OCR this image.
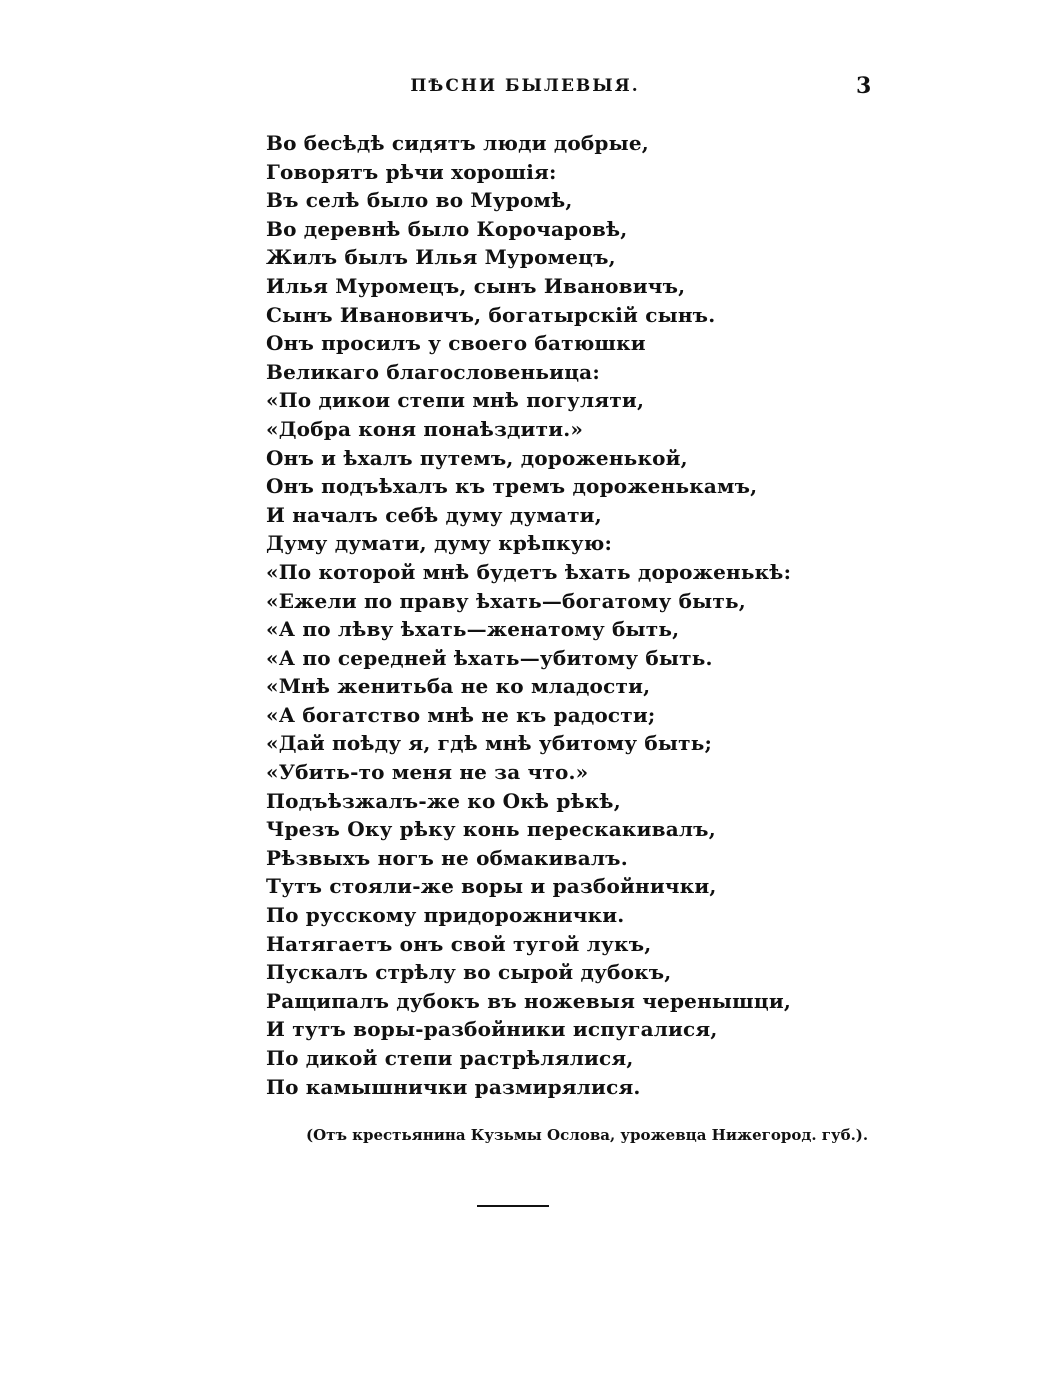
ПѢСНИ БЫЛЕВЫЯ.	3
Во бесѣдѣ сидятъ люди добрые,
Говорятъ рѣчи хорошія:
Въ селѣ было во Муромѣ,
Во деревнѣ было Корочаровѣ,
Жилъ былъ Илья Муромецъ,
Илья Муромецъ, сынъ Ивановичъ,
Сынъ Ивановичъ, богатырскій сынъ.
Онъ просилъ у своего батюшки
Великаго благословеньица:
«По дикои степи мнѣ погуляти,
«Добра коня понаѣздити.»
Онъ и ѣхалъ путемъ, дороженькой,
Онъ подъѣхалъ къ тремъ дороженькамъ,
И началъ себѣ думу думати,
Думу думати, думу крѣпкую:
«По которой мнѣ будетъ ѣхать дороженькѣ:
«Ежели по праву ѣхать—богатому быть,
«А по лѣву ѣхать—женатому быть,
«А по середней ѣхать—убитому быть.
«Мнѣ женитьба не ко младости,
«А богатство мнѣ не къ радости;
«Дай поѣду я, гдѣ мнѣ убитому быть;
«Убить-то меня не за что.»
Подъѣзжалъ-же ко Окѣ рѣкѣ,
Чрезъ Оку рѣку конь перескакивалъ,
Рѣзвыхъ ногъ не обмакивалъ.
Тутъ стояли-же воры и разбойнички,
По русскому придорожнички.
Натягаетъ онъ свой тугой лукъ,
Пускалъ стрѣлу во сырой дубокъ,
Ращипалъ дубокъ въ ножевыя черенышци,
И тутъ воры-разбойники испугалися,
По дикой степи растрѣлялися,
По камышнички размирялися.
(Отъ крестьянина Кузьмы Ослова, урожевца Нижегород. губ.).
